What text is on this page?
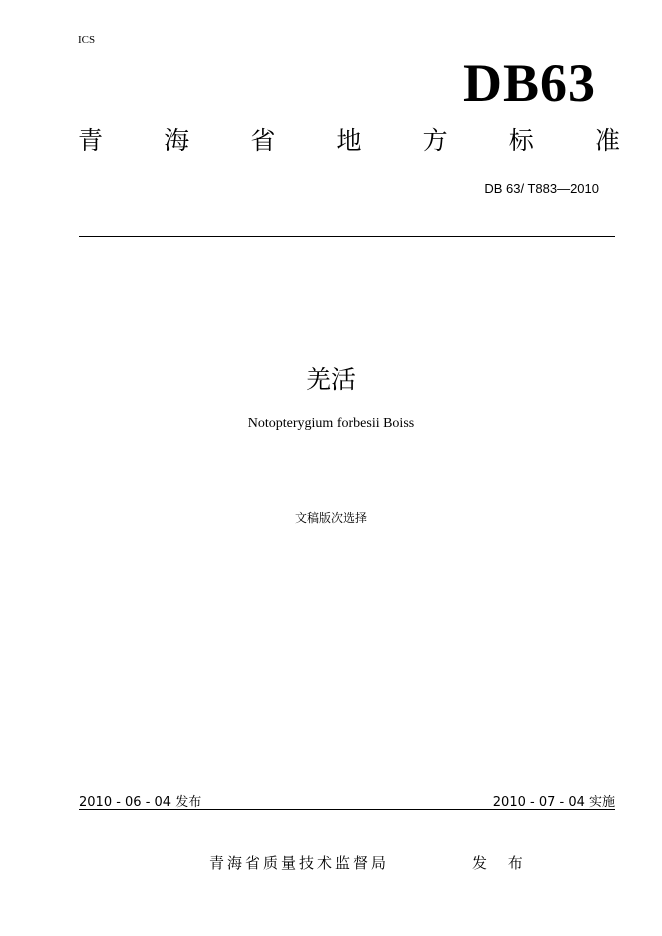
ICS
DB63
青 海 省 地 方 标 准
DB 63/ T883—2010
羌活
Notopterygium forbesii Boiss
文稿版次选择
2010 - 06 - 04 发布	2010 - 07 - 04 实施
青海省质量技术监督局	发 布
